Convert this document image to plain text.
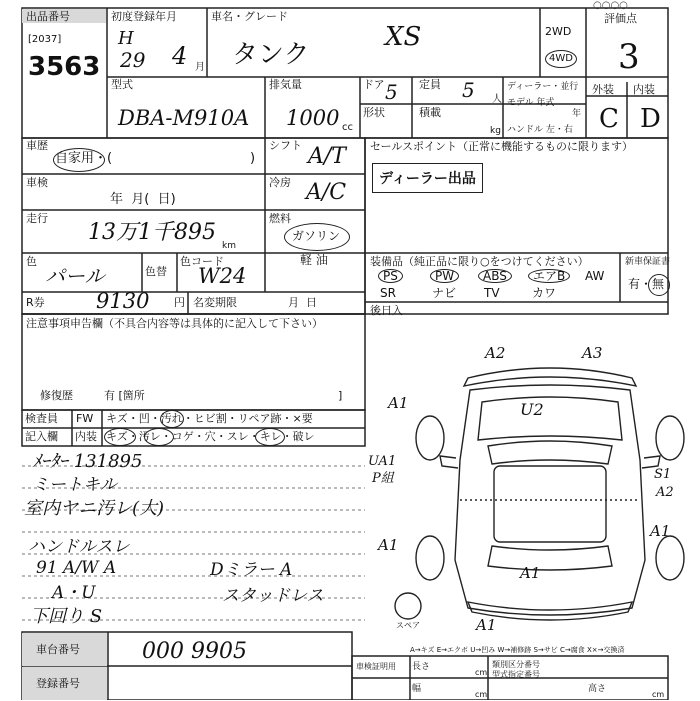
出品番号
[2037]
3563
初度登録年月
H
29 4 月
車名・グレード
タンク
XS	2WD
4WD
○○○○
評価点
3
型式
DBA-M910A
排気量
1000 cc
ドア 5 定員 5 人
形状	積載
kg
ディーラー・並行
モデル 年式
年
ハンドル 左・右
外装 内装
C D
車歴
自家用・(	)
車検
年  月(  日)
走行
13万1千895
km
色
パール	色替
色コード
W24
R券 9130 円 名変期限	月  日
シフト A/T
冷房 A/C
燃料
ガソリン
軽 油
セールスポイント（正常に機能するものに限ります）
ディーラー出品
装備品（純正品に限り○をつけてください）
PS	PW	ABS	エアB	AW
SR	ナビ TV	カワ
新車保証書
有・無
後日入
注意事項申告欄（不具合内容等は具体的に記入して下さい）
修復歴	有 [箇所	]
検査員
記入欄
FW キズ・凹・汚れ・ヒビ割・リペア跡・×要
内装 キズ・汚レ・コゲ・穴・スレ・キレ・破レ
ﾒｰﾀｰ 131895
ミートキル
室内ヤニ汚レ(大)
ハンドルスレ
91 A/W A
A・U
下回り S
Dミラー A
スタッドレス
A2	A3
A1	U2
UA1
P組	S1
A2
A1
A1
A1
A1
スペア
車台番号	000 9905
登録番号
A→キズ E→エクボ U→凹み W→補修跡 S→サビ C→腐食 X×→交換済
車検証明用 長さ
cm
幅
cm
類別区分番号
型式指定番号
高さ
cm
